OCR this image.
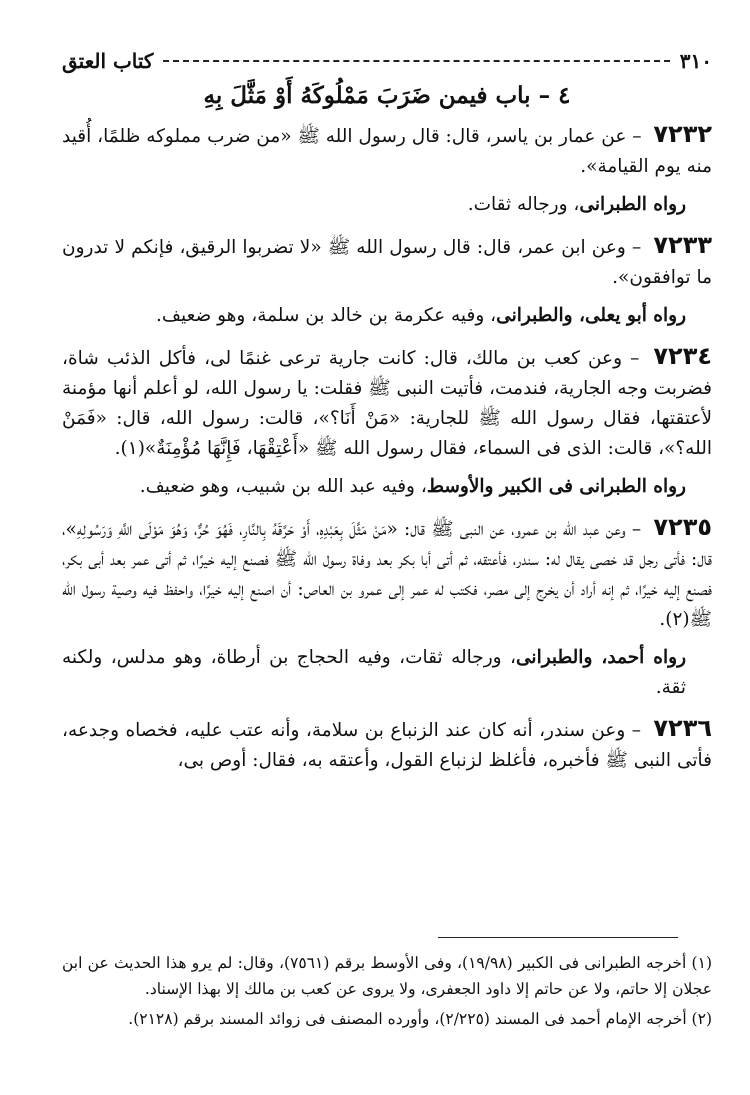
٣١٠
كتاب العتق
٤ – باب فيمن ضَرَبَ مَمْلُوكَهُ أَوْ مَثَّلَ بِهِ

٧٢٣٢ – عن عمار بن ياسر، قال: قال رسول الله ﷺ «من ضرب مملوكه ظلمًا، أُقيد منه يوم القيامة».

رواه الطبرانى، ورجاله ثقات.

٧٢٣٣ – وعن ابن عمر، قال: قال رسول الله ﷺ «لا تضربوا الرقيق، فإنكم لا تدرون ما توافقون».

رواه أبو يعلى، والطبرانى، وفيه عكرمة بن خالد بن سلمة، وهو ضعيف.

٧٢٣٤ – وعن كعب بن مالك، قال: كانت جارية ترعى غنمًا لى، فأكل الذئب شاة، فضربت وجه الجارية، فندمت، فأتيت النبى ﷺ فقلت: يا رسول الله، لو أعلم أنها مؤمنة لأعتقتها، فقال رسول الله ﷺ للجارية: «مَنْ أَنَا؟»، قالت: رسول الله، قال: «فَمَنْ الله؟»، قالت: الذى فى السماء، فقال رسول الله ﷺ «أَعْتِقْهَا، فَإِنَّهَا مُؤْمِنَةٌ»(١).

رواه الطبرانى فى الكبير والأوسط، وفيه عبد الله بن شبيب، وهو ضعيف.

٧٢٣٥ – وعن عبد الله بن عمرو، عن النبى ﷺ قال: «مَنْ مَثَّلَ بِعَبْدِهِ، أَوْ حَرَّقَهُ بِالنَّارِ، فَهُوَ حُرٌّ، وَهُوَ مَوْلَى اللَّهِ وَرَسُولِهِ»، قال: فأتى رجل قد خصى يقال له: سندر، فأعتقه، ثم أتى أبا بكر بعد وفاة رسول الله ﷺ فصنع إليه خيرًا، ثم أتى عمر بعد أبى بكر، فصنع إليه خيرًا، ثم إنه أراد أن يخرج إلى مصر، فكتب له عمر إلى عمرو بن العاص: أن اصنع إليه خيرًا، واحفظ فيه وصية رسول الله ﷺ(٢).

رواه أحمد، والطبرانى، ورجاله ثقات، وفيه الحجاج بن أرطاة، وهو مدلس، ولكنه ثقة.

٧٢٣٦ – وعن سندر، أنه كان عند الزنباع بن سلامة، وأنه عتب عليه، فخصاه وجدعه، فأتى النبى ﷺ فأخبره، فأغلظ لزنباع القول، وأعتقه به، فقال: أوص بى،

(١) أخرجه الطبرانى فى الكبير (١٩/٩٨)، وفى الأوسط برقم (٧٥٦١)، وقال: لم يرو هذا الحديث عن ابن عجلان إلا حاتم، ولا عن حاتم إلا داود الجعفرى، ولا يروى عن كعب بن مالك إلا بهذا الإسناد.

(٢) أخرجه الإمام أحمد فى المسند (٢/٢٢٥)، وأورده المصنف فى زوائد المسند برقم (٢١٢٨).
